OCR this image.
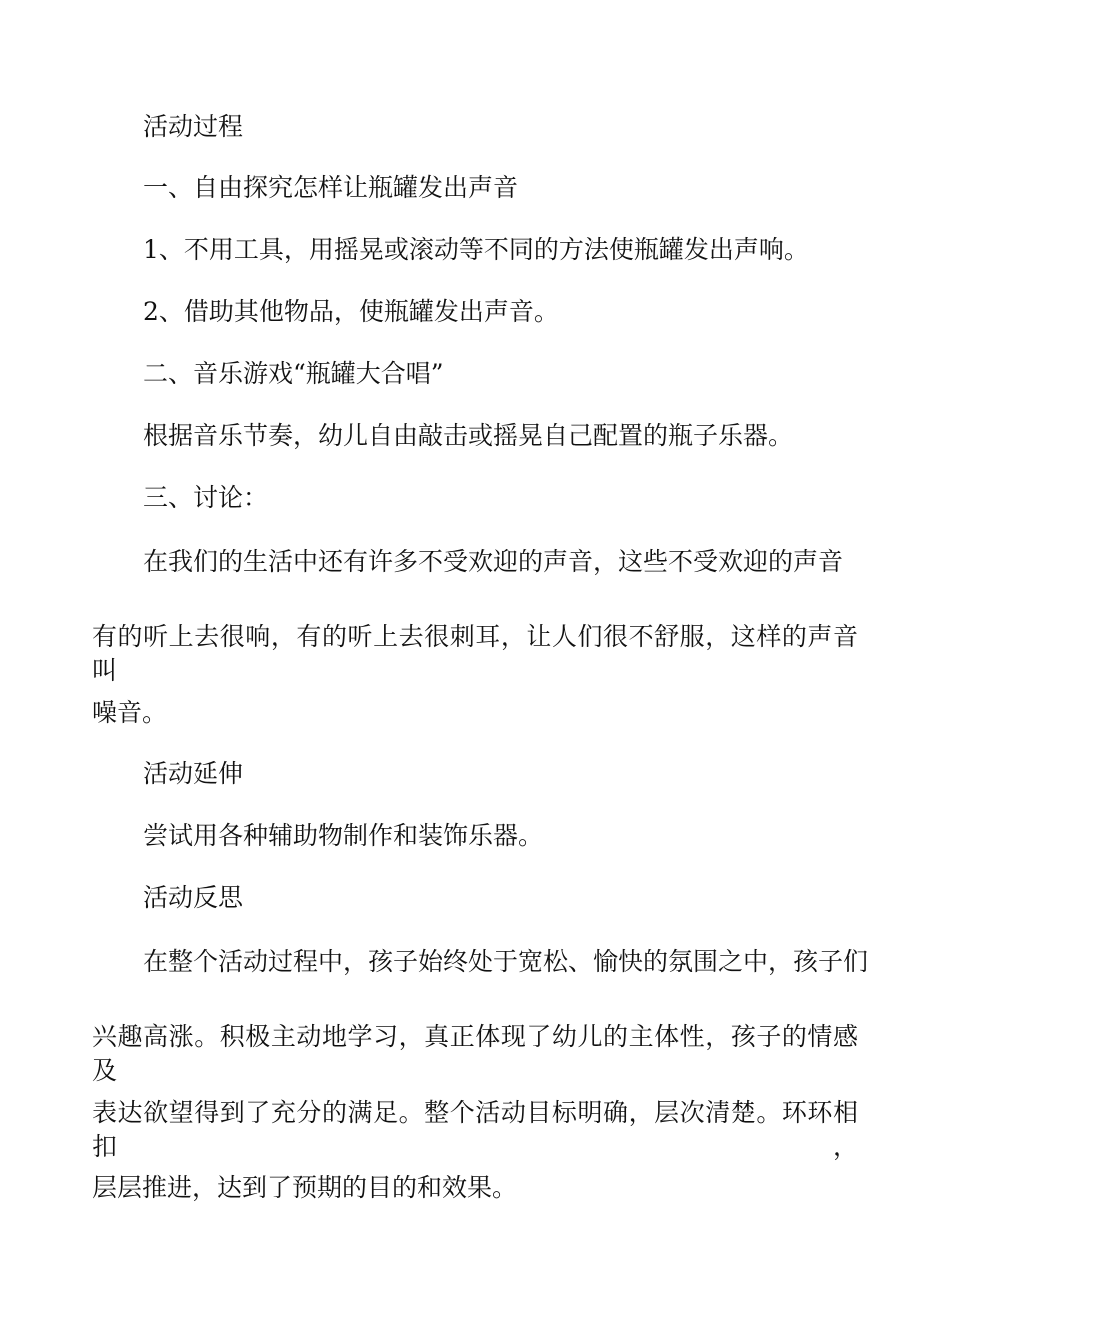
活动过程
一、自由探究怎样让瓶罐发出声音
1、不用工具，用摇晃或滚动等不同的方法使瓶罐发出声响。
2、借助其他物品，使瓶罐发出声音。
二、音乐游戏“瓶罐大合唱”
根据音乐节奏，幼儿自由敲击或摇晃自己配置的瓶子乐器。
三、讨论：
在我们的生活中还有许多不受欢迎的声音，这些不受欢迎的声音
有的听上去很响，有的听上去很刺耳，让人们很不舒服，这样的声音叫
噪音。
活动延伸
尝试用各种辅助物制作和装饰乐器。
活动反思
在整个活动过程中，孩子始终处于宽松、愉快的氛围之中，孩子们
兴趣高涨。积极主动地学习，真正体现了幼儿的主体性，孩子的情感及
表达欲望得到了充分的满足。整个活动目标明确，层次清楚。环环相扣，
层层推进，达到了预期的目的和效果。
